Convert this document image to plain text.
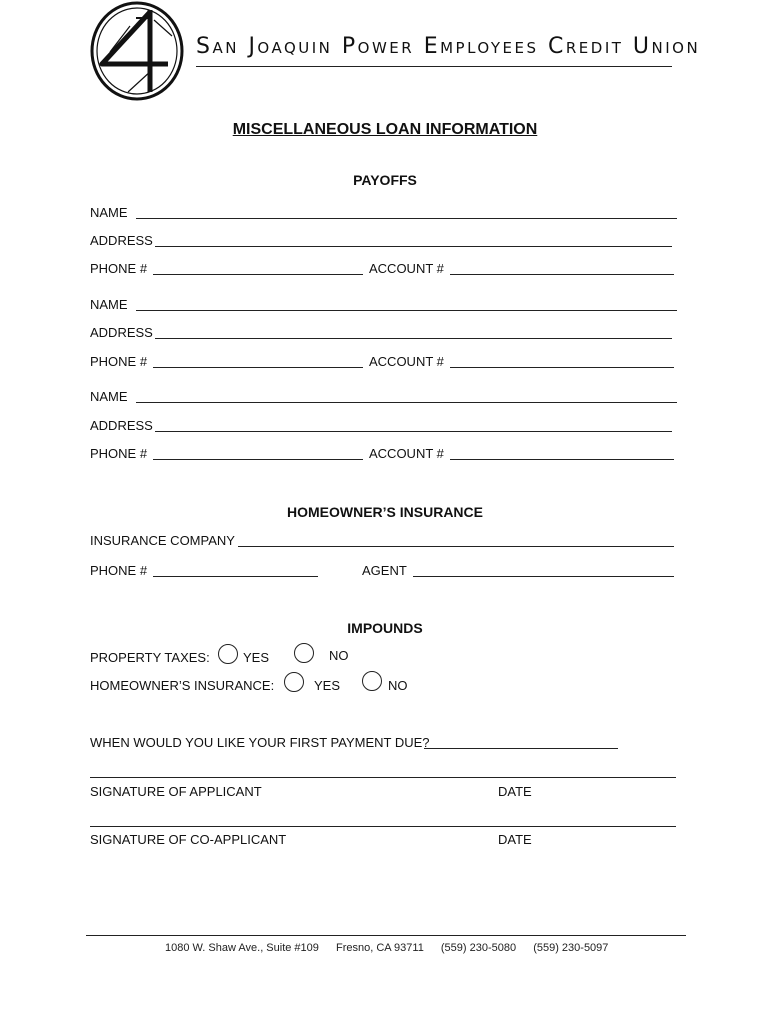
San Joaquin Power Employees Credit Union
MISCELLANEOUS LOAN INFORMATION
PAYOFFS
NAME
ADDRESS
PHONE #	ACCOUNT #
NAME
ADDRESS
PHONE #	ACCOUNT #
NAME
ADDRESS
PHONE #	ACCOUNT #
HOMEOWNER’S INSURANCE
INSURANCE COMPANY
PHONE #	AGENT
IMPOUNDS
PROPERTY TAXES:	YES	NO
HOMEOWNER’S INSURANCE:	YES	NO
WHEN WOULD YOU LIKE YOUR FIRST PAYMENT DUE?
SIGNATURE OF APPLICANT	DATE
SIGNATURE OF CO-APPLICANT	DATE
1080 W. Shaw Ave., Suite #109 Fresno, CA 93711 (559) 230-5080 (559) 230-5097
